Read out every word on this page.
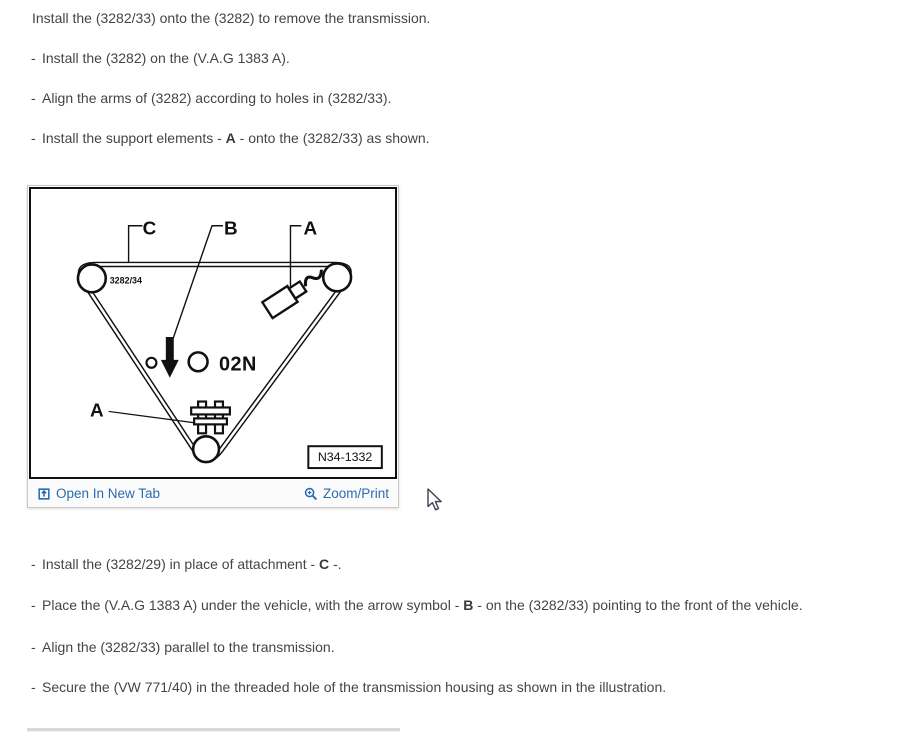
Install the (3282/33) onto the (3282) to remove the transmission.
- Install the (3282) on the (V.A.G 1383 A).
- Align the arms of (3282) according to holes in (3282/33).
- Install the support elements - A - onto the (3282/33) as shown.
3282/34
C	B	A
A
02N
N34-1332
Open In New Tab	Zoom/Print
- Install the (3282/29) in place of attachment - C -.
- Place the (V.A.G 1383 A) under the vehicle, with the arrow symbol - B - on the (3282/33) pointing to the front of the vehicle.
- Align the (3282/33) parallel to the transmission.
- Secure the (VW 771/40) in the threaded hole of the transmission housing as shown in the illustration.
